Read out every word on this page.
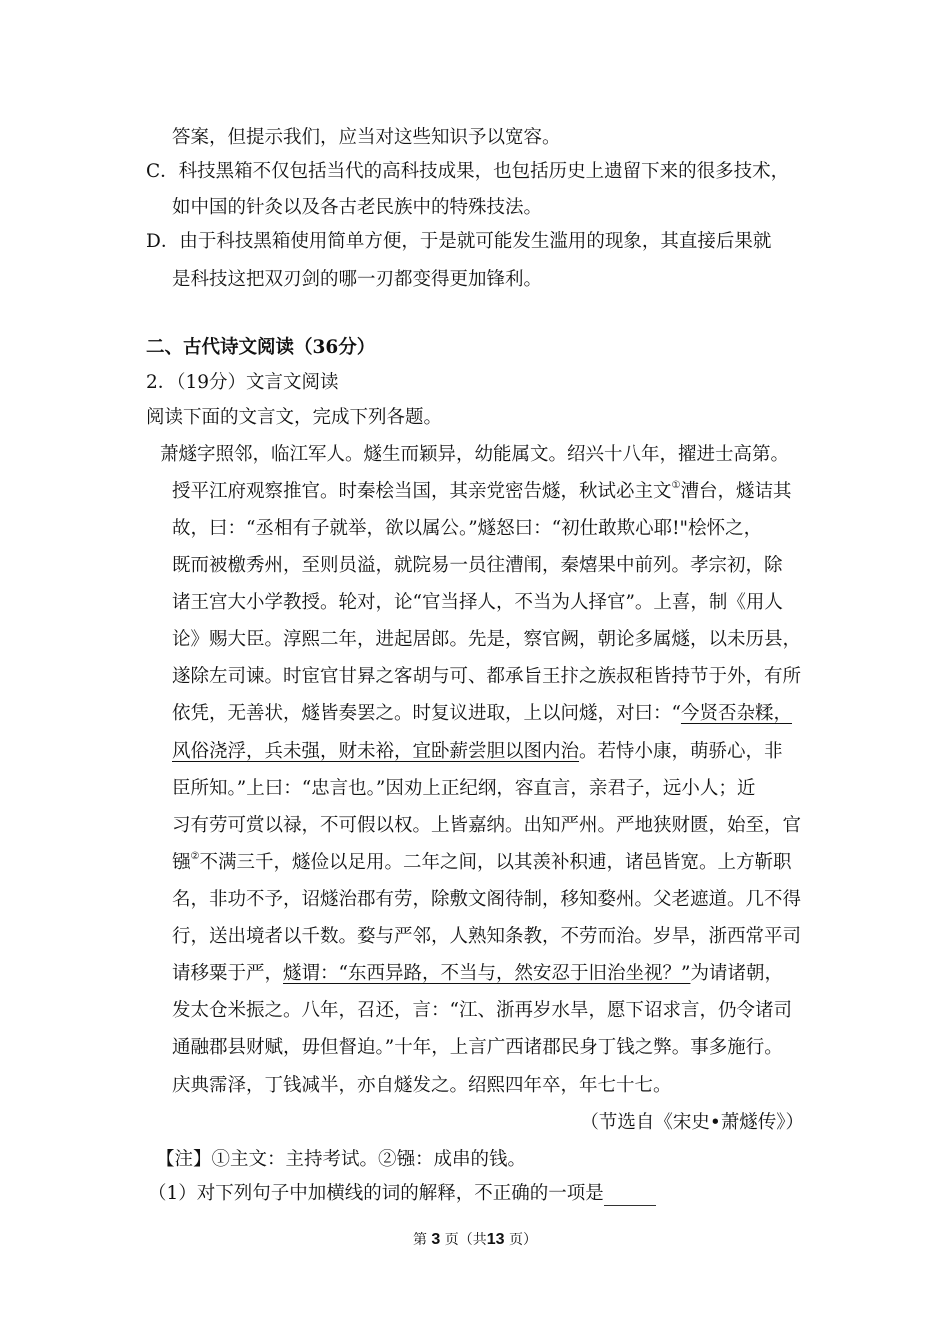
答案，但提示我们，应当对这些知识予以宽容。
C．科技黑箱不仅包括当代的高科技成果，也包括历史上遗留下来的很多技术，
如中国的针灸以及各古老民族中的特殊技法。
D．由于科技黑箱使用简单方便，于是就可能发生滥用的现象，其直接后果就
是科技这把双刃剑的哪一刃都变得更加锋利。
二、古代诗文阅读（36分）
2．（19分）文言文阅读
阅读下面的文言文，完成下列各题。
萧燧字照邻，临江军人。燧生而颖异，幼能属文。绍兴十八年，擢进士高第。
授平江府观察推官。时秦桧当国，其亲党密告燧，秋试必主文①漕台，燧诘其
故，曰：“丞相有子就举，欲以属公。”燧怒曰：“初仕敢欺心耶!"桧怀之，
既而被檄秀州，至则员溢，就院易一员往漕闱，秦熺果中前列。孝宗初，除
诸王宫大小学教授。轮对，论“官当择人，不当为人择官”。上喜，制《用人
论》赐大臣。淳熙二年，进起居郎。先是，察官阙，朝论多属燧，以未历县，
遂除左司谏。时宦官甘昪之客胡与可、都承旨王抃之族叔秬皆持节于外，有所
依凭，无善状，燧皆奏罢之。时复议进取，上以问燧，对曰：“今贤否杂糅，
风俗浇浮，兵未强，财未裕，宜卧薪尝胆以图内治。若恃小康，萌骄心，非
臣所知。”上曰：“忠言也。”因劝上正纪纲，容直言，亲君子，远小人；近
习有劳可赏以禄，不可假以权。上皆嘉纳。出知严州。严地狭财匮，始至，官
镪②不满三千，燧俭以足用。二年之间，以其羡补积逋，诸邑皆宽。上方靳职
名，非功不予，诏燧治郡有劳，除敷文阁待制，移知婺州。父老遮道。几不得
行，送出境者以千数。婺与严邻，人熟知条教，不劳而治。岁旱，浙西常平司
请移粟于严，燧谓：“东西异路，不当与，然安忍于旧治坐视？”为请诸朝，
发太仓米振之。八年，召还，言：“江、浙再岁水旱，愿下诏求言，仍令诸司
通融郡县财赋，毋但督迫。”十年，上言广西诸郡民身丁钱之弊。事多施行。
庆典霈泽，丁钱减半，亦自燧发之。绍熙四年卒，年七十七。
（节选自《宋史•萧燧传》）
【注】①主文：主持考试。②镪：成串的钱。
（1）对下列句子中加横线的词的解释，不正确的一项是
第 3 页（共13 页）
